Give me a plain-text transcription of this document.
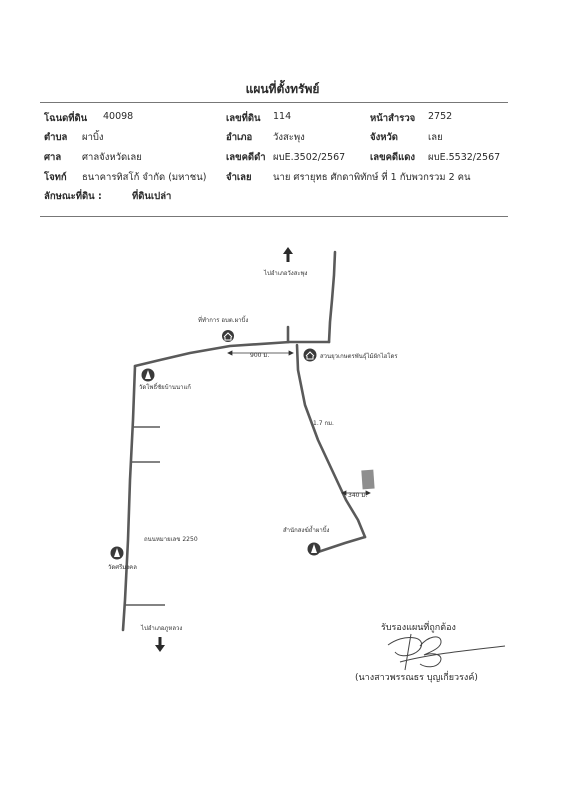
แผนที่ตั้งทรัพย์
โฉนดที่ดิน 40098	เลขที่ดิน 114	หน้าสำรวจ 2752
ตำบล ผาบิ้ง	อำเภอ วังสะพุง	จังหวัด	เลย
ศาล ศาลจังหวัดเลย	เลขคดีดำ ผบE.3502/2567	เลขคดีแดง ผบE.5532/2567
โจทก์ ธนาคารทิสโก้ จำกัด (มหาชน) จำเลย นาย ศรายุทธ ศักดาพิทักษ์ ที่ 1 กับพวกรวม 2 คน
ลักษณะที่ดิน :	ที่ดินเปล่า
ไปอำเภอวังสะพุง
ที่ทำการ อบต.ผาบิ้ง
900 ม.	สวนยุวเกษตรพันธุ์ไม้ผักไฮโดร
วัดโพธิ์ชัยบ้านนาแก้
1.7 กม.
340 ม.
สำนักสงฆ์ถ้ำผาบิ้ง
ถนนหมายเลข 2250
วัดศรีมงคล
ไปอำเภอภูหลวง	รับรองแผนที่ถูกต้อง
(นางสาวพรรณธร บุญเกี่ยวรงค์)
